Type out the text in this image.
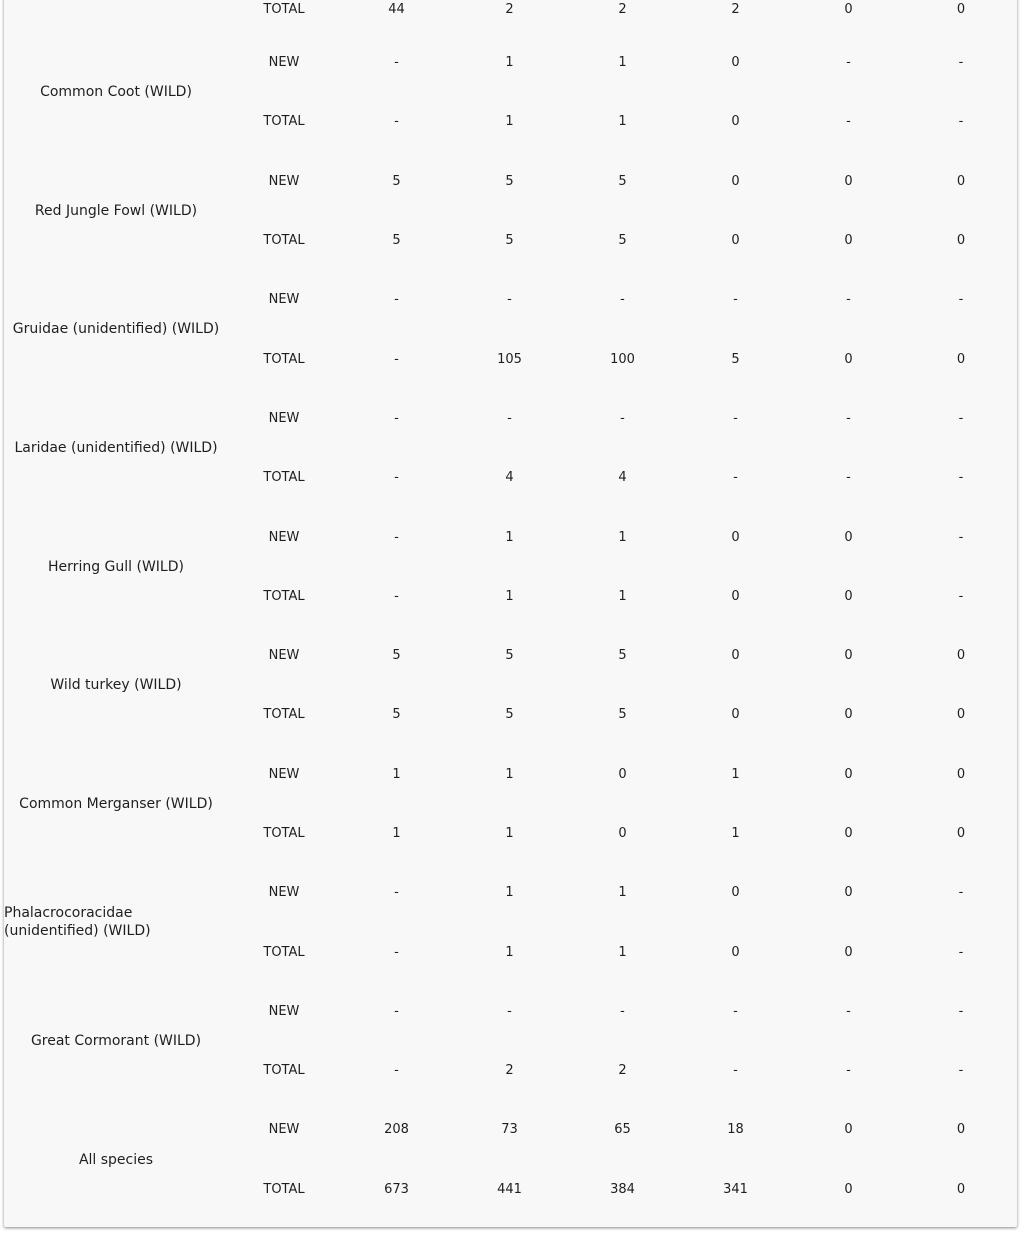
	TOTAL	44	2	2	2	0	0
Common Coot (WILD)	NEW	-	1	1	0	-	-
	TOTAL	-	1	1	0	-	-
Red Jungle Fowl (WILD)	NEW	5	5	5	0	0	0
	TOTAL	5	5	5	0	0	0
Gruidae (unidentified) (WILD)	NEW	-	-	-	-	-	-
	TOTAL	-	105	100	5	0	0
Laridae (unidentified) (WILD)	NEW	-	-	-	-	-	-
	TOTAL	-	4	4	-	-	-
Herring Gull (WILD)	NEW	-	1	1	0	0	-
	TOTAL	-	1	1	0	0	-
Wild turkey (WILD)	NEW	5	5	5	0	0	0
	TOTAL	5	5	5	0	0	0
Common Merganser (WILD)	NEW	1	1	0	1	0	0
	TOTAL	1	1	0	1	0	0
Phalacrocoracidae (unidentified) (WILD)	NEW	-	1	1	0	0	-
	TOTAL	-	1	1	0	0	-
Great Cormorant (WILD)	NEW	-	-	-	-	-	-
	TOTAL	-	2	2	-	-	-
All species	NEW	208	73	65	18	0	0
	TOTAL	673	441	384	341	0	0
